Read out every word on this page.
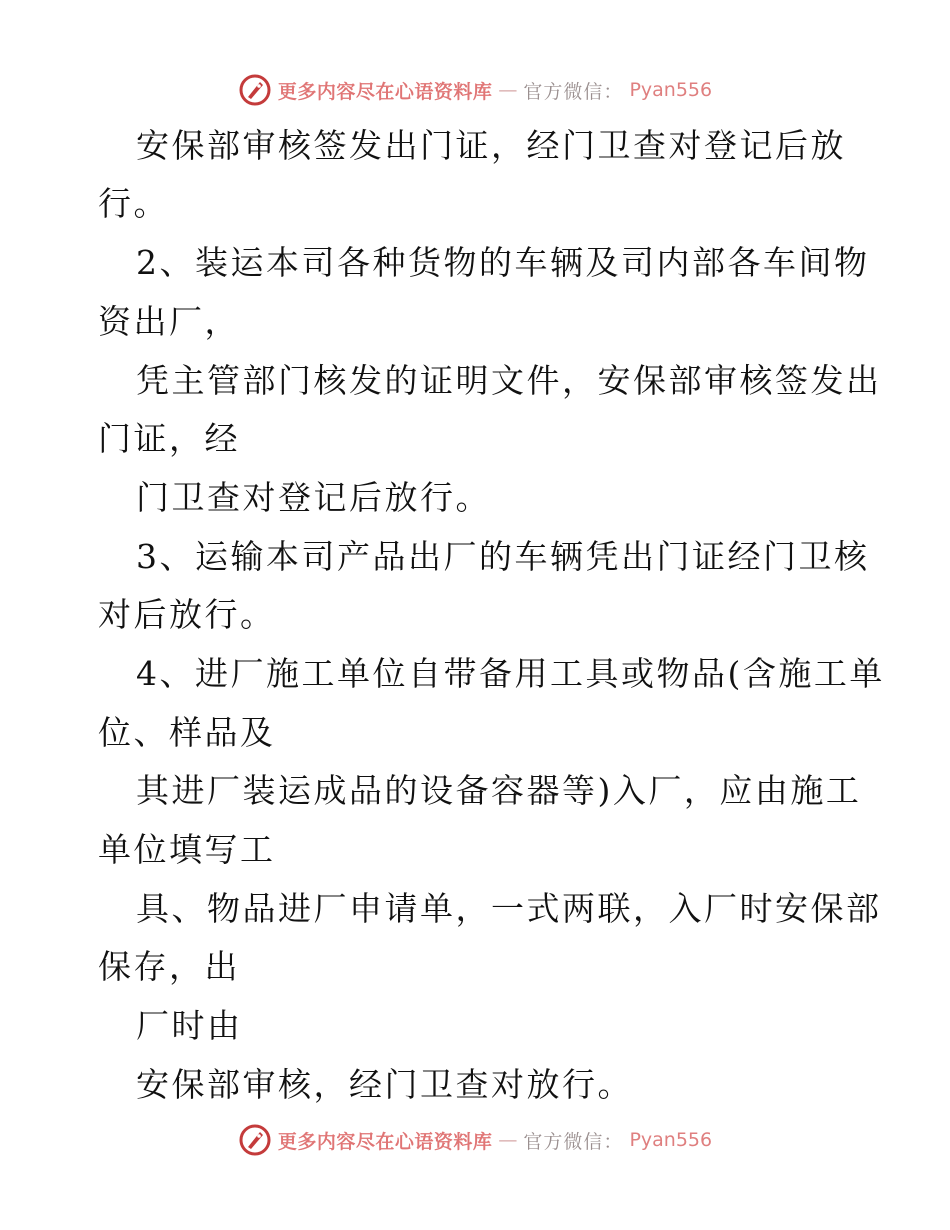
更多内容尽在心语资料库 — 官方微信： Pyan556
安保部审核签发出门证，经门卫查对登记后放
行。
2、装运本司各种货物的车辆及司内部各车间物
资出厂，
凭主管部门核发的证明文件，安保部审核签发出
门证，经
门卫查对登记后放行。
3、运输本司产品出厂的车辆凭出门证经门卫核
对后放行。
4、进厂施工单位自带备用工具或物品(含施工单
位、样品及
其进厂装运成品的设备容器等)入厂，应由施工
单位填写工
具、物品进厂申请单，一式两联，入厂时安保部
保存，出
厂时由
安保部审核，经门卫查对放行。
更多内容尽在心语资料库 — 官方微信： Pyan556
